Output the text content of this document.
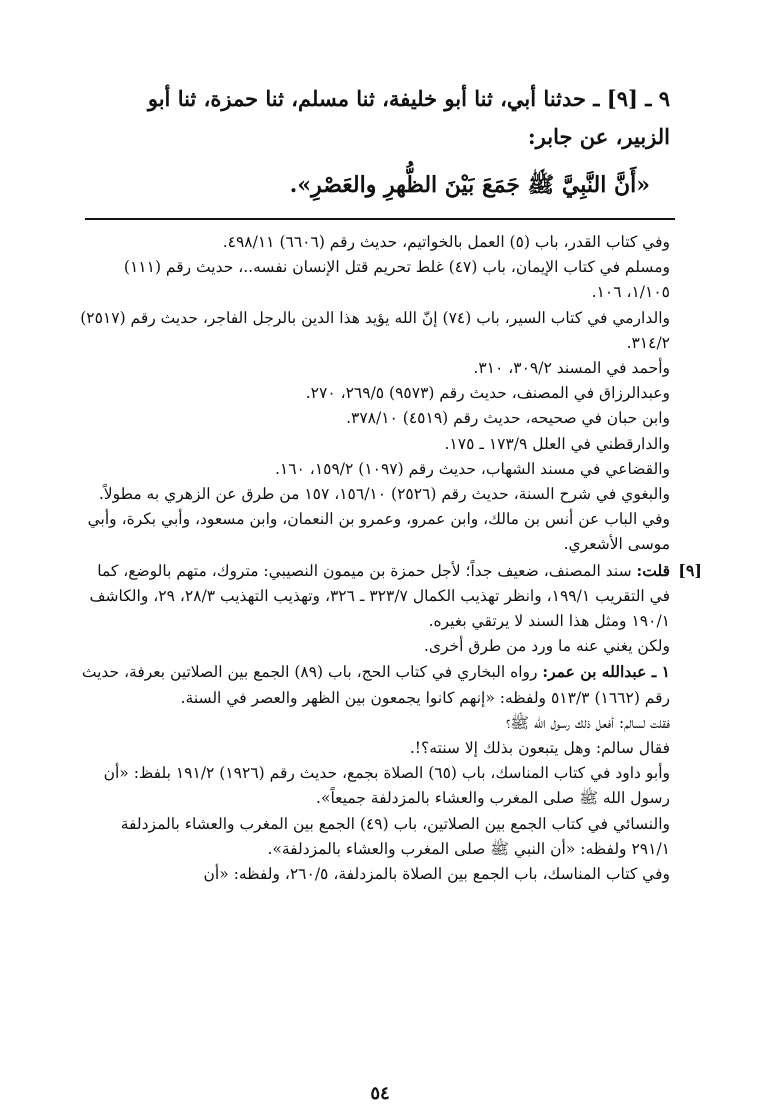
٩ ـ [٩] ـ حدثنا أبي، ثنا أبو خليفة، ثنا مسلم، ثنا حمزة، ثنا أبو

الزبير، عن جابر:

«أَنَّ النَّبِيَّ ﷺ جَمَعَ بَيْنَ الظُّهرِ والعَصْرِ».

وفي كتاب القدر، باب (٥) العمل بالخواتيم، حديث رقم (٦٦٠٦) ٤٩٨/١١.

ومسلم في كتاب الإيمان، باب (٤٧) غلط تحريم قتل الإنسان نفسه..، حديث رقم (١١١) ١/١٠٥، ١٠٦.

والدارمي في كتاب السير، باب (٧٤) إنّ الله يؤيد هذا الدين بالرجل الفاجر، حديث رقم (٢٥١٧) ٣١٤/٢.

وأحمد في المسند ٣٠٩/٢، ٣١٠.

وعبدالرزاق في المصنف، حديث رقم (٩٥٧٣) ٢٦٩/٥، ٢٧٠.

وابن حبان في صحيحه، حديث رقم (٤٥١٩) ٣٧٨/١٠.

والدارقطني في العلل ١٧٣/٩ ـ ١٧٥.

والقضاعي في مسند الشهاب، حديث رقم (١٠٩٧) ١٥٩/٢، ١٦٠.

والبغوي في شرح السنة، حديث رقم (٢٥٢٦) ١٥٦/١٠، ١٥٧ من طرق عن الزهري به مطولاً.

وفي الباب عن أنس بن مالك، وابن عمرو، وعمرو بن النعمان، وابن مسعود، وأبي بكرة، وأبي موسى الأشعري.

[٩]
قلت: سند المصنف، ضعيف جداً؛ لأجل حمزة بن ميمون النصيبي: متروك، متهم بالوضع، كما في التقريب ١٩٩/١، وانظر تهذيب الكمال ٣٢٣/٧ ـ ٣٢٦، وتهذيب التهذيب ٢٨/٣، ٢٩، والكاشف ١٩٠/١ ومثل هذا السند لا يرتقي بغيره.

ولكن يغني عنه ما ورد من طرق أخرى.

١ ـ عبدالله بن عمر: رواه البخاري في كتاب الحج، باب (٨٩) الجمع بين الصلاتين بعرفة، حديث رقم (١٦٦٢) ٥١٣/٣ ولفظه: «إنهم كانوا يجمعون بين الظهر والعصر في السنة.

فقلت لسالم: أفعل ذلك رسول الله ﷺ؟

فقال سالم: وهل يتبعون بذلك إلا سنته؟!.

وأبو داود في كتاب المناسك، باب (٦٥) الصلاة بجمع، حديث رقم (١٩٢٦) ١٩١/٢ بلفظ: «أن رسول الله ﷺ صلى المغرب والعشاء بالمزدلفة جميعاً».

والنسائي في كتاب الجمع بين الصلاتين، باب (٤٩) الجمع بين المغرب والعشاء بالمزدلفة ٢٩١/١ ولفظه: «أن النبي ﷺ صلى المغرب والعشاء بالمزدلفة».

وفي كتاب المناسك، باب الجمع بين الصلاة بالمزدلفة، ٢٦٠/٥، ولفظه: «أن

٥٤
